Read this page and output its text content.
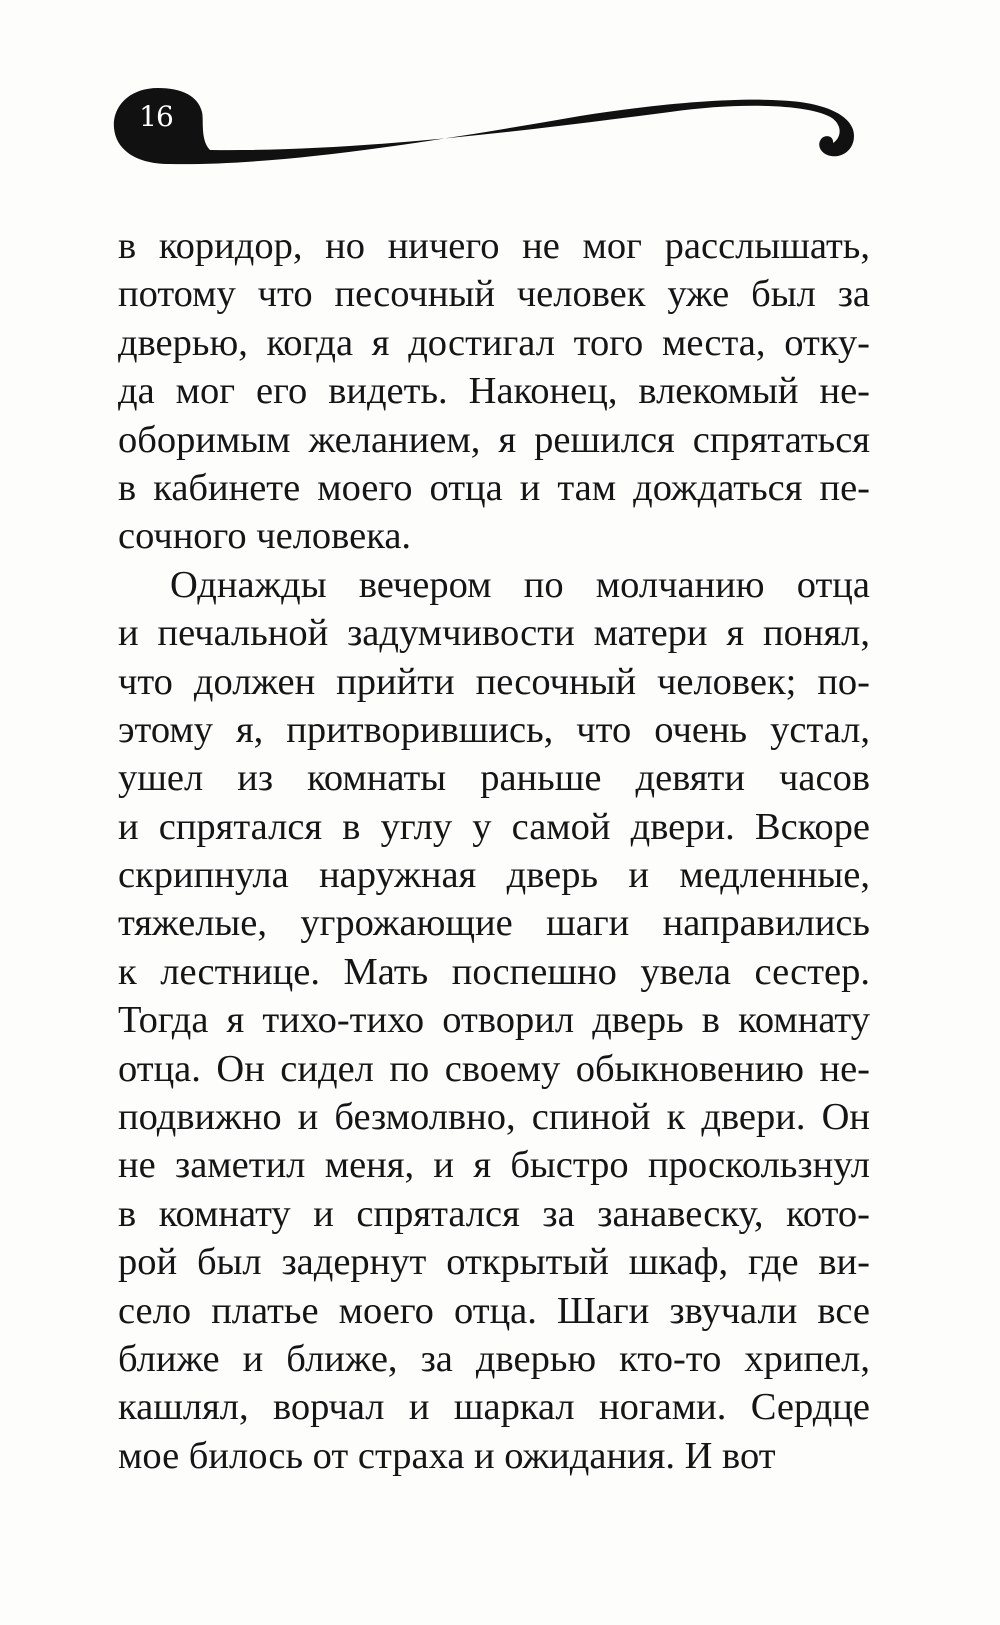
16
в коридор, но ничего не мог расслышать,
потому что песочный человек уже был за
дверью, когда я достигал того места, отку-
да мог его видеть. Наконец, влекомый не-
оборимым желанием, я решился спрятаться
в кабинете моего отца и там дождаться пе-
сочного человека.
Однажды вечером по молчанию отца
и печальной задумчивости матери я понял,
что должен прийти песочный человек; по-
этому я, притворившись, что очень устал,
ушел из комнаты раньше девяти часов
и спрятался в углу у самой двери. Вскоре
скрипнула наружная дверь и медленные,
тяжелые, угрожающие шаги направились
к лестнице. Мать поспешно увела сестер.
Тогда я тихо-тихо отворил дверь в комнату
отца. Он сидел по своему обыкновению не-
подвижно и безмолвно, спиной к двери. Он
не заметил меня, и я быстро проскользнул
в комнату и спрятался за занавеску, кото-
рой был задернут открытый шкаф, где ви-
село платье моего отца. Шаги звучали все
ближе и ближе, за дверью кто-то хрипел,
кашлял, ворчал и шаркал ногами. Сердце
мое билось от страха и ожидания. И вот
